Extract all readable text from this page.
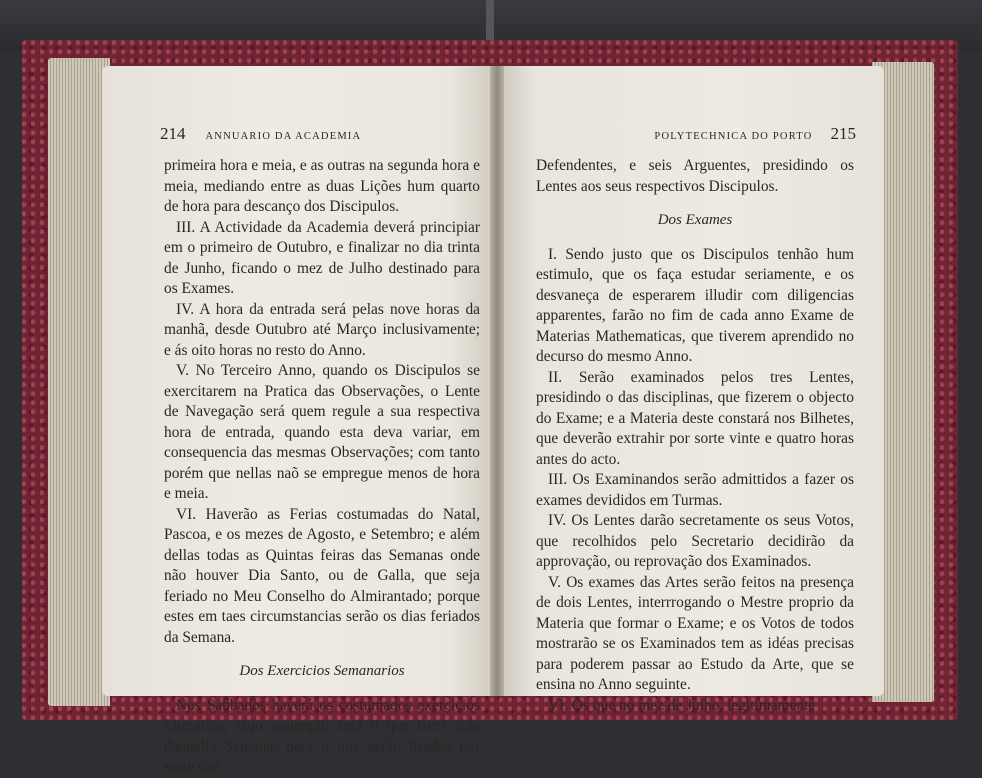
214 ANNUARIO DA ACADEMIA

primeira hora e meia, e as outras na segunda hora e meia, mediando entre as duas Lições hum quarto de hora para descanço dos Discipulos.

III. A Actividade da Academia deverá principiar em o primeiro de Outubro, e finalizar no dia trinta de Junho, ficando o mez de Julho destinado para os Exames.

IV. A hora da entrada será pelas nove horas da manhã, desde Outubro até Março inclusivamente; e ás oito horas no resto do Anno.

V. No Terceiro Anno, quando os Discipulos se exercitarem na Pratica das Observações, o Lente de Navegação será quem regule a sua respectiva hora de entrada, quando esta deva variar, em consequencia das mesmas Observações; com tanto porém que nellas naõ se empregue menos de hora e meia.

VI. Haverão as Ferias costumadas do Natal, Pascoa, e os mezes de Agosto, e Setembro; e além dellas todas as Quintas feiras das Semanas onde não houver Dia Santo, ou de Galla, que seja feriado no Meu Conselho do Almirantado; porque estes em taes circumstancias serão os dias feriados da Semana.

Dos Exercicios Semanarios

Nos Sabbados haverá os costumados exercicios Literarios, cujo assumpto será o que tiver sido daquella Semana; para o que serão tirados por sorte tres

POLYTECHNICA DO PORTO 215

Defendentes, e seis Arguentes, presidindo os Lentes aos seus respectivos Discipulos.

Dos Exames

I. Sendo justo que os Discipulos tenhão hum estimulo, que os faça estudar seriamente, e os desvaneça de esperarem illudir com diligencias apparentes, farão no fim de cada anno Exame de Materias Mathematicas, que tiverem aprendido no decurso do mesmo Anno.

II. Serão examinados pelos tres Lentes, presidindo o das disciplinas, que fizerem o objecto do Exame; e a Materia deste constará nos Bilhetes, que deverão extrahir por sorte vinte e quatro horas antes do acto.

III. Os Examinandos serão admittidos a fazer os exames devididos em Turmas.

IV. Os Lentes darão secretamente os seus Votos, que recolhidos pelo Secretario decidirão da approvação, ou reprovação dos Examinados.

V. Os exames das Artes serão feitos na presença de dois Lentes, interrrogando o Mestre proprio da Materia que formar o Exame; e os Votos de todos mostrarão se os Examinados tem as idéas precisas para poderem passar ao Estudo da Arte, que se ensina no Anno seguinte.

VI. Os que no mez de Julho, legitimamente
